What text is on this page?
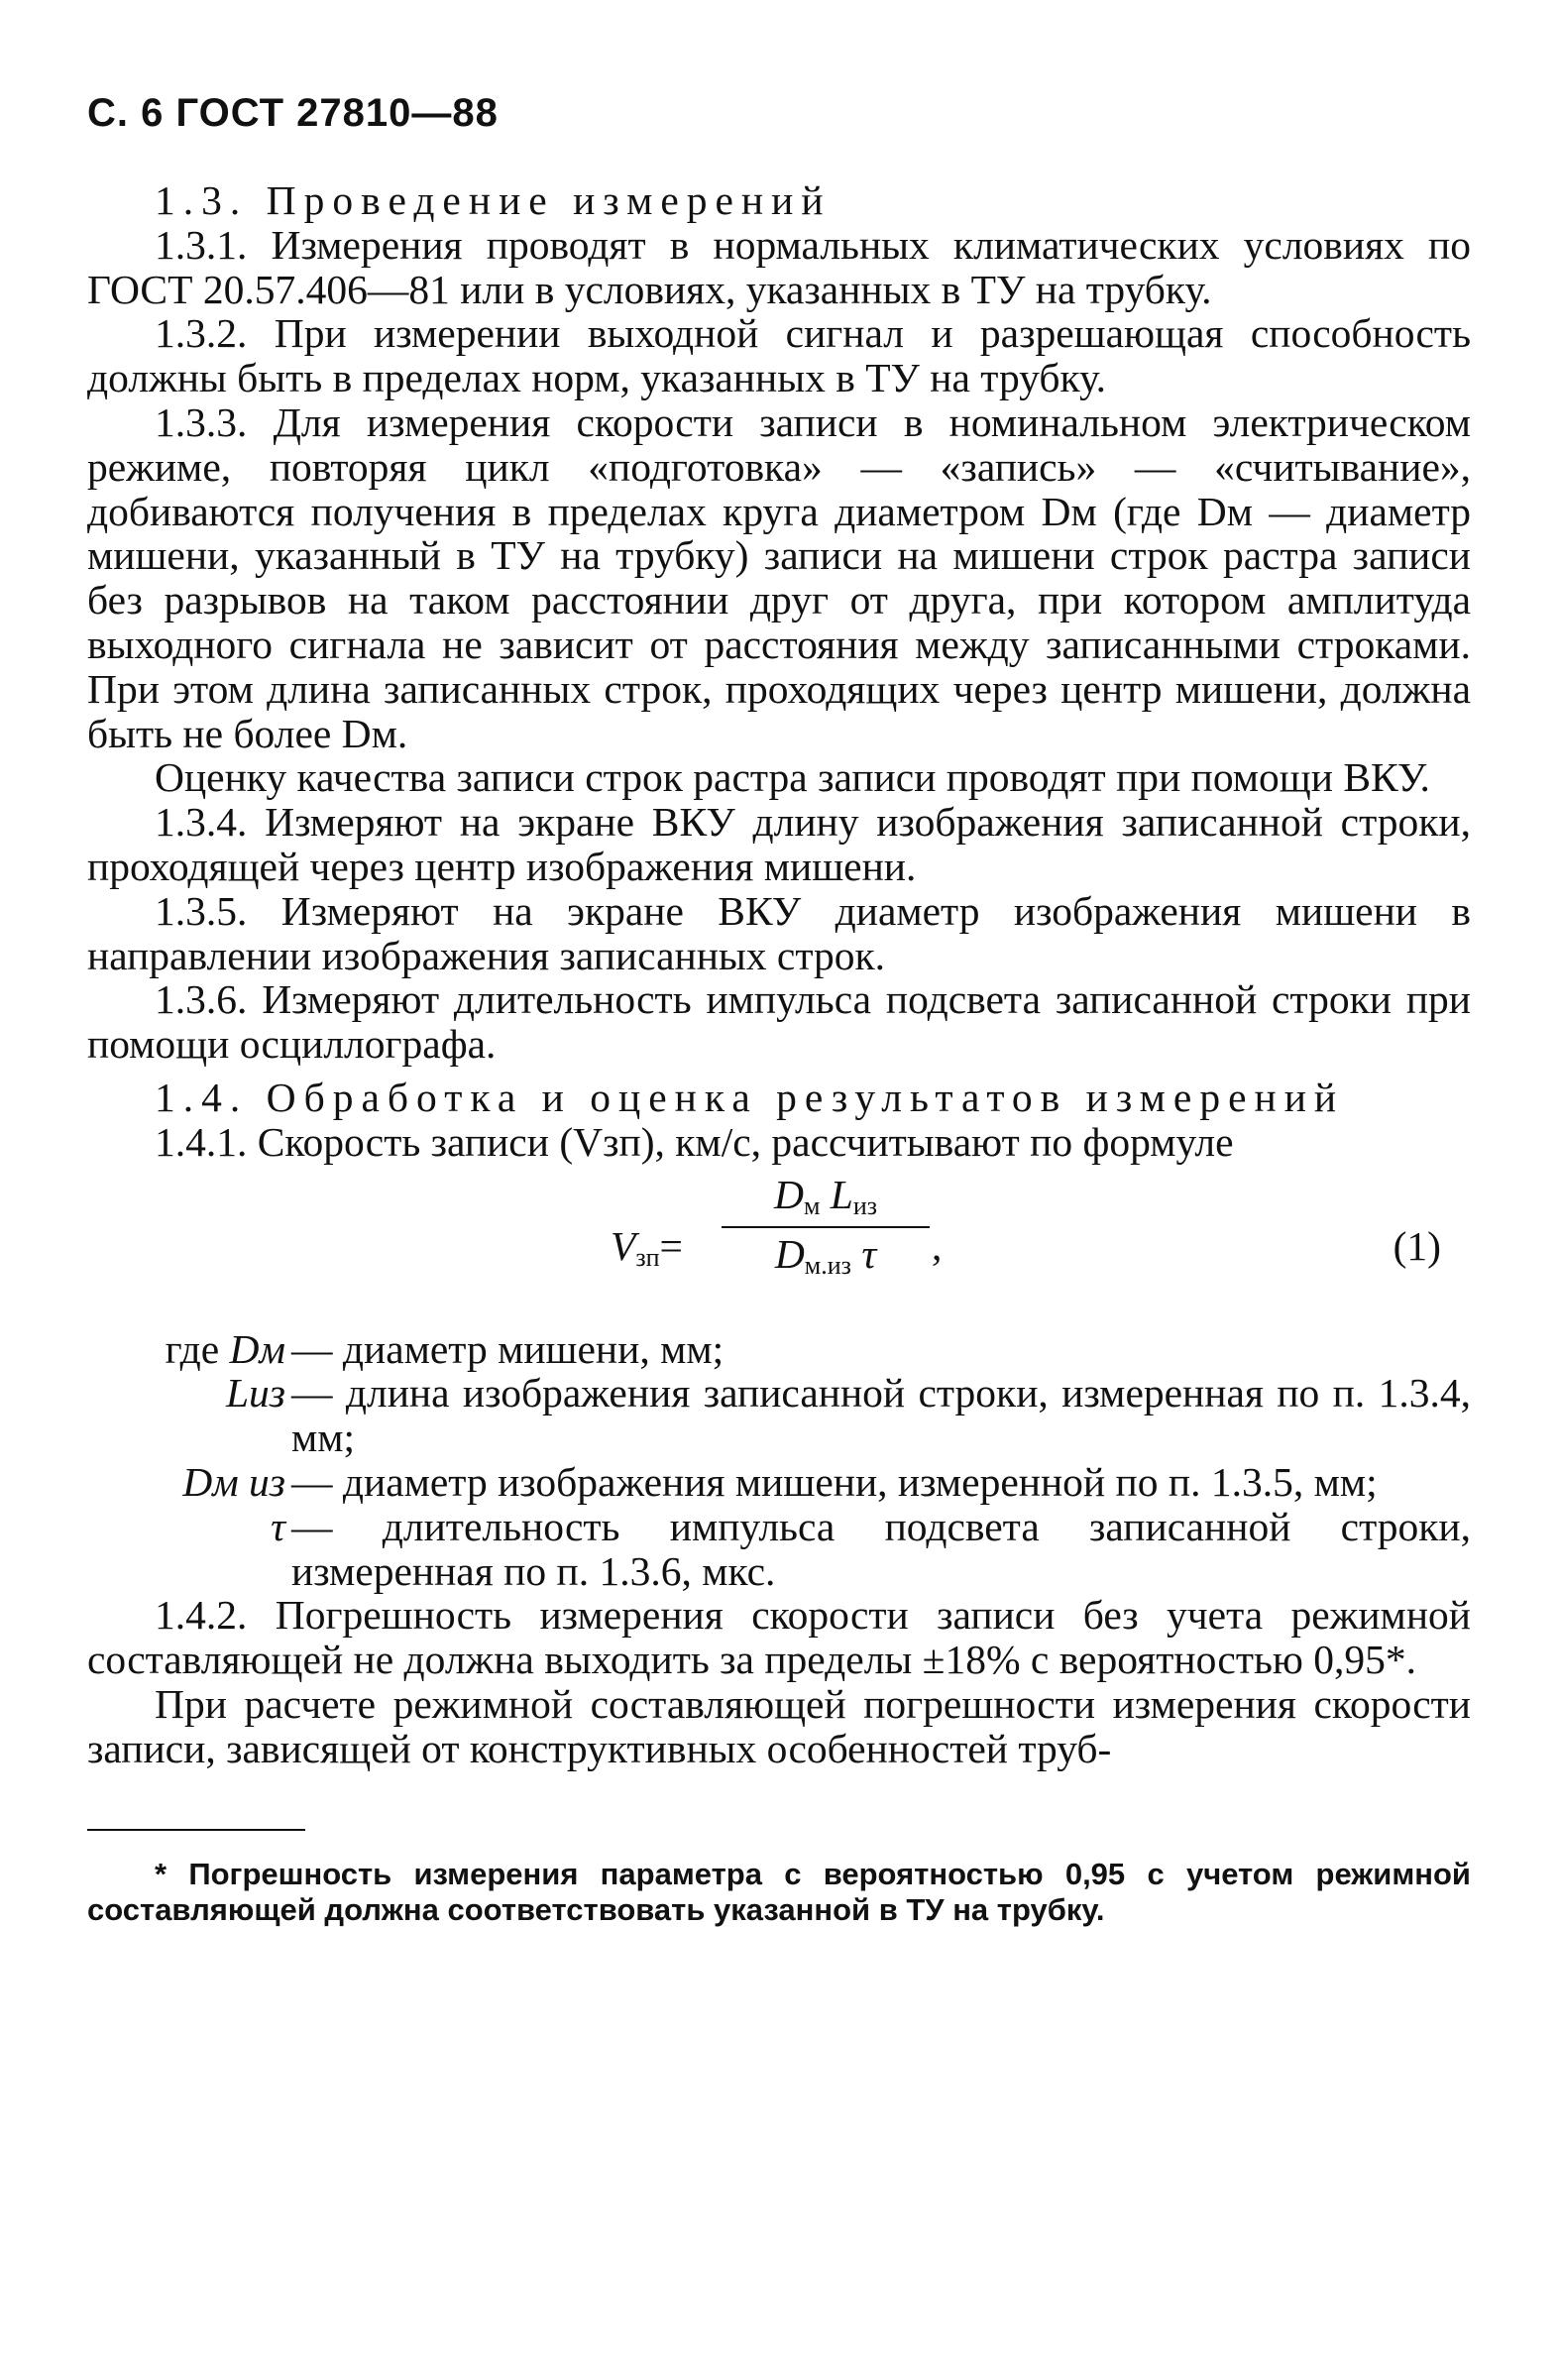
С. 6 ГОСТ 27810—88

1.3. Проведение измерений

1.3.1. Измерения проводят в нормальных климатических условиях по ГОСТ 20.57.406—81 или в условиях, указанных в ТУ на трубку.

1.3.2. При измерении выходной сигнал и разрешающая способность должны быть в пределах норм, указанных в ТУ на трубку.

1.3.3. Для измерения скорости записи в номинальном электрическом режиме, повторяя цикл «подготовка» — «запись» — «считывание», добиваются получения в пределах круга диаметром Dм (где Dм — диаметр мишени, указанный в ТУ на трубку) записи на мишени строк растра записи без разрывов на таком расстоянии друг от друга, при котором амплитуда выходного сигнала не зависит от расстояния между записанными строками. При этом длина записанных строк, проходящих через центр мишени, должна быть не более Dм.

Оценку качества записи строк растра записи проводят при помощи ВКУ.

1.3.4. Измеряют на экране ВКУ длину изображения записанной строки, проходящей через центр изображения мишени.

1.3.5. Измеряют на экране ВКУ диаметр изображения мишени в направлении изображения записанных строк.

1.3.6. Измеряют длительность импульса подсвета записанной строки при помощи осциллографа.

1.4. Обработка и оценка результатов измерений

1.4.1. Скорость записи (Vзп), км/с, рассчитывают по формуле

$V_{зп}=$
$D_м$ $L_{из}$
$D_{м.из}$ τ	,	(1)
где Dм — диаметр мишени, мм;
Lиз — длина изображения записанной строки, измеренная по п. 1.3.4, мм;
Dм из — диаметр изображения мишени, измеренной по п. 1.3.5, мм;
τ — длительность импульса подсвета записанной строки, измеренная по п. 1.3.6, мкс.

1.4.2. Погрешность измерения скорости записи без учета режимной составляющей не должна выходить за пределы ±18% с вероятностью 0,95*.

При расчете режимной составляющей погрешности измерения скорости записи, зависящей от конструктивных особенностей труб-

* Погрешность измерения параметра с вероятностью 0,95 с учетом режимной составляющей должна соответствовать указанной в ТУ на трубку.
